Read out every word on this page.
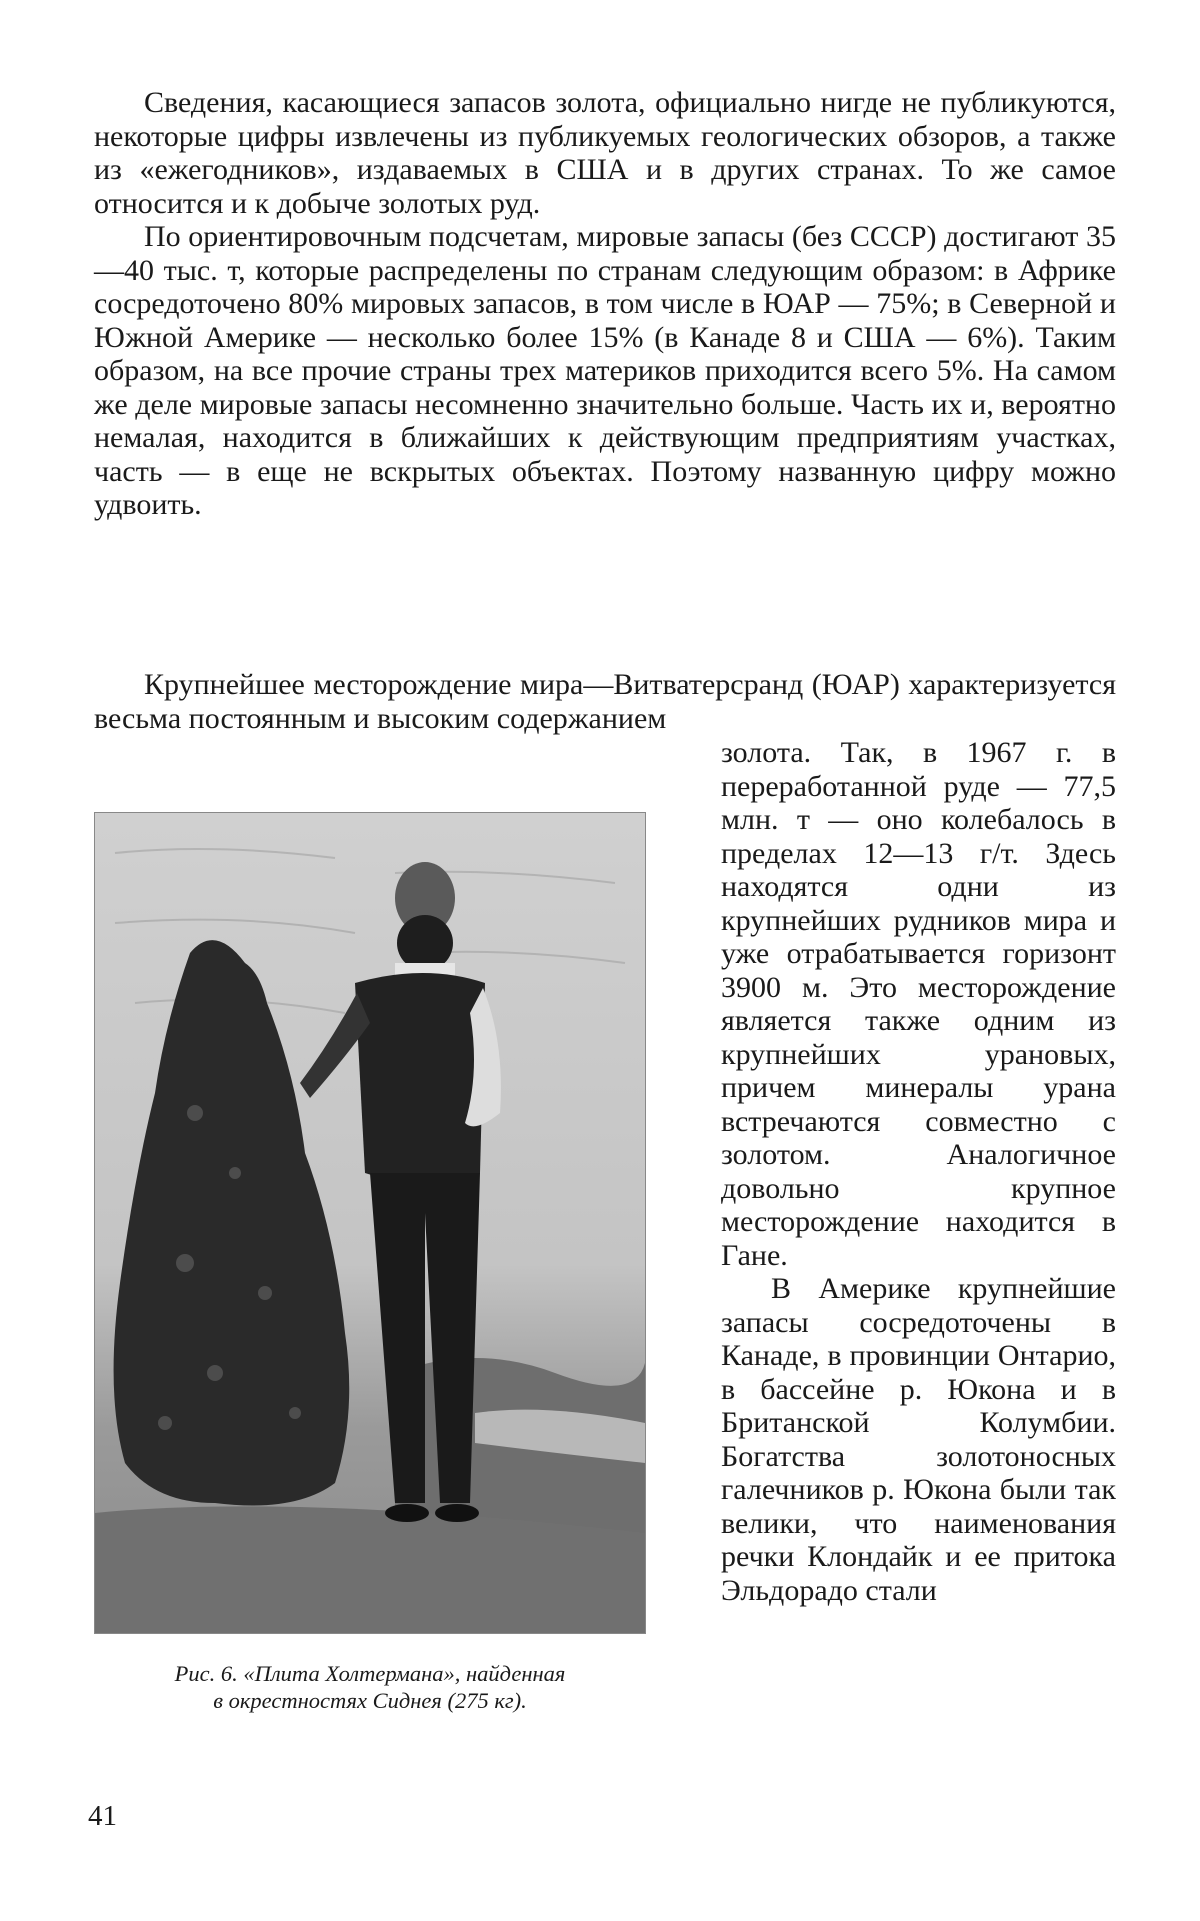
Сведения, касающиеся запасов золота, официально нигде не публикуются, некоторые цифры извлечены из публикуемых геологических обзоров, а также из «ежегодников», издаваемых в США и в других странах. То же самое относится и к добыче золотых руд.

По ориентировочным подсчетам, мировые запасы (без СССР) достигают 35—40 тыс. т, которые распределены по странам следующим образом: в Африке сосредоточено 80% мировых запасов, в том числе в ЮАР — 75%; в Северной и Южной Америке — несколько более 15% (в Канаде 8 и США — 6%). Таким образом, на все прочие страны трех материков приходится всего 5%. На самом же деле мировые запасы несомненно значительно больше. Часть их и, вероятно немалая, находится в ближайших к действующим предприятиям участках, часть — в еще не вскрытых объектах. Поэтому названную цифру можно удвоить.

Крупнейшее месторождение мира—Витватерсранд (ЮАР) характеризуется весьма постоянным и высоким содержанием

Рис. 6. «Плита Холтермана», найденная
в окрестностях Сиднея (275 кг).

золота. Так, в 1967 г. в переработанной руде — 77,5 млн. т — оно колебалось в пределах 12—13 г/т. Здесь находятся одни из крупнейших рудников мира и уже отрабатывается горизонт 3900 м. Это месторождение является также одним из крупнейших урановых, причем минералы урана встречаются совместно с золотом. Аналогичное довольно крупное месторождение находится в Гане.

В Америке крупнейшие запасы сосредоточены в Канаде, в провинции Онтарио, в бассейне р. Юкона и в Британской Колумбии. Богатства золотоносных галечников р. Юкона были так велики, что наименования речки Клондайк и ее притока Эльдорадо стали

41
